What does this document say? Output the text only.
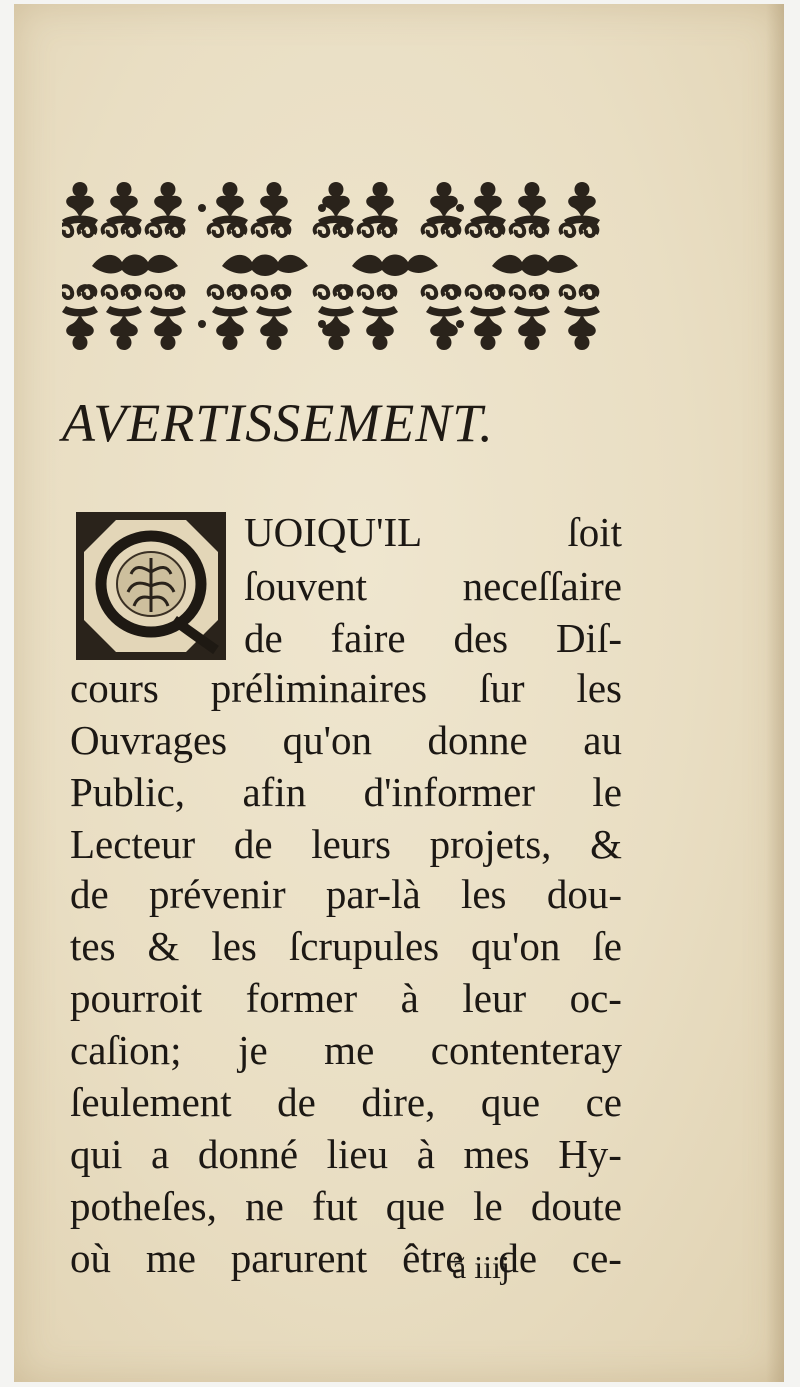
AVERTISSEMENT.
UOIQU'IL	ſoit
ſouvent neceſſaire
de faire des Diſ-
cours préliminaires ſur les
Ouvrages qu'on donne au
Public, afin d'informer le
Lecteur de leurs projets, &
de prévenir par-là les dou-
tes & les ſcrupules qu'on ſe
pourroit former à leur oc-
caſion; je me contenteray
ſeulement de dire, que ce
qui a donné lieu à mes Hy-
potheſes, ne fut que le doute
où me parurent être de ce-
ã iiij
